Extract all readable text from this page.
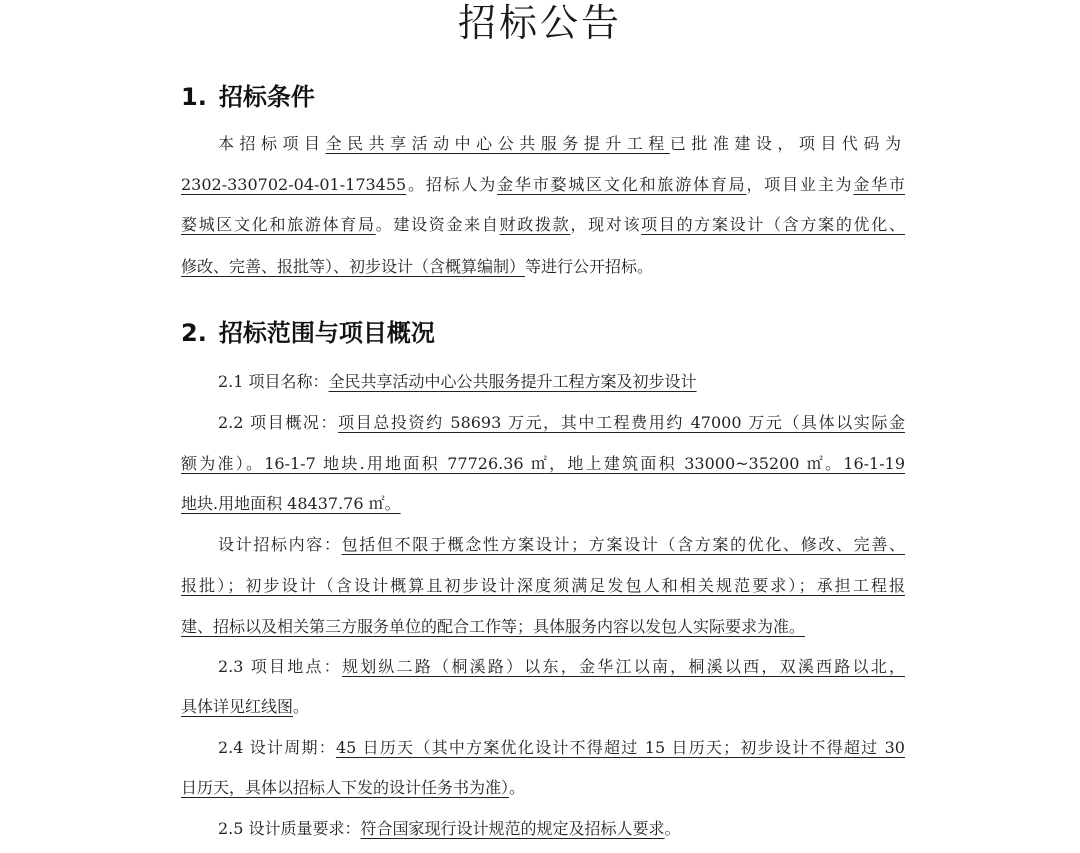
招标公告
1. 招标条件
本招标项目全民共享活动中心公共服务提升工程已批准建设，项目代码为
2302-330702-04-01-173455。招标人为金华市婺城区文化和旅游体育局，项目业主为金华市
婺城区文化和旅游体育局。建设资金来自财政拨款，现对该项目的方案设计（含方案的优化、
修改、完善、报批等）、初步设计（含概算编制）等进行公开招标。
2. 招标范围与项目概况
2.1 项目名称：全民共享活动中心公共服务提升工程方案及初步设计
2.2 项目概况：项目总投资约 58693 万元，其中工程费用约 47000 万元（具体以实际金
额为准）。16-1-7 地块.用地面积 77726.36 ㎡，地上建筑面积 33000~35200 ㎡。16-1-19
地块.用地面积 48437.76 ㎡。
设计招标内容：包括但不限于概念性方案设计；方案设计（含方案的优化、修改、完善、
报批）；初步设计（含设计概算且初步设计深度须满足发包人和相关规范要求）；承担工程报
建、招标以及相关第三方服务单位的配合工作等；具体服务内容以发包人实际要求为准。
2.3 项目地点：规划纵二路（桐溪路）以东，金华江以南，桐溪以西，双溪西路以北，
具体详见红线图。
2.4 设计周期：45 日历天（其中方案优化设计不得超过 15 日历天；初步设计不得超过 30
日历天，具体以招标人下发的设计任务书为准）。
2.5 设计质量要求：符合国家现行设计规范的规定及招标人要求。
